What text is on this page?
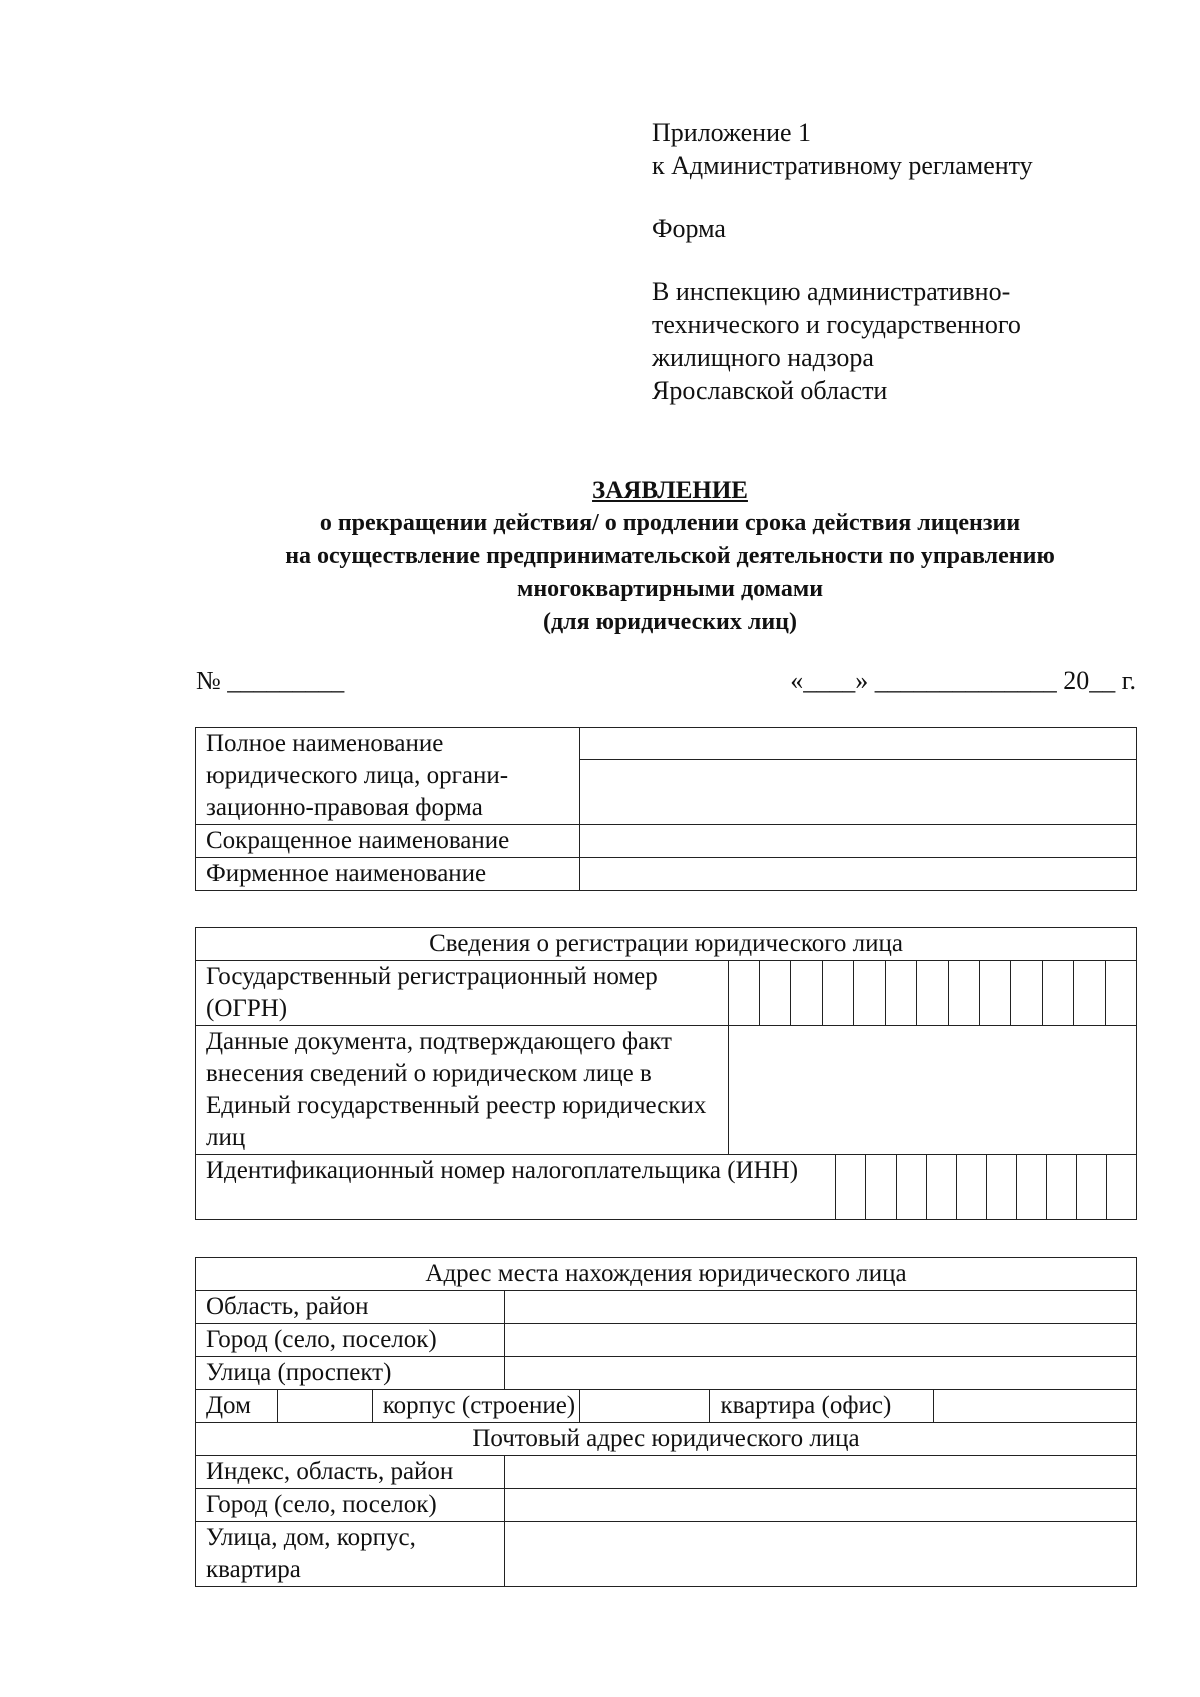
Приложение 1
к Административному регламенту
Форма
В инспекцию административно-
технического и государственного
жилищного надзора
Ярославской области
ЗАЯВЛЕНИЕ
о прекращении действия/ о продлении срока действия лицензии
на осуществление предпринимательской деятельности по управлению
многоквартирными домами
(для юридических лиц)
№ _________	«____» ______________ 20__ г.
Полное наименование юридического лица, органи-зационно-правовая форма	

Сокращенное наименование	
Фирменное наименование	
Сведения о регистрации юридического лица		
Государственный регистрационный номер (ОГРН)		

Данные документа, подтверждающего факт внесения сведений о юридическом лице в Единый государственный реестр юридических лиц		
Идентификационный номер налогоплательщика (ИНН)		
Адрес места нахождения юридического лица						
Область, район						
Город (село, поселок)						
Улица (проспект)						
Дом		корпус (строение)			квартира (офис)	
Почтовый адрес юридического лица						
Индекс, область, район						
Город (село, поселок)						
Улица, дом, корпус, квартира						
